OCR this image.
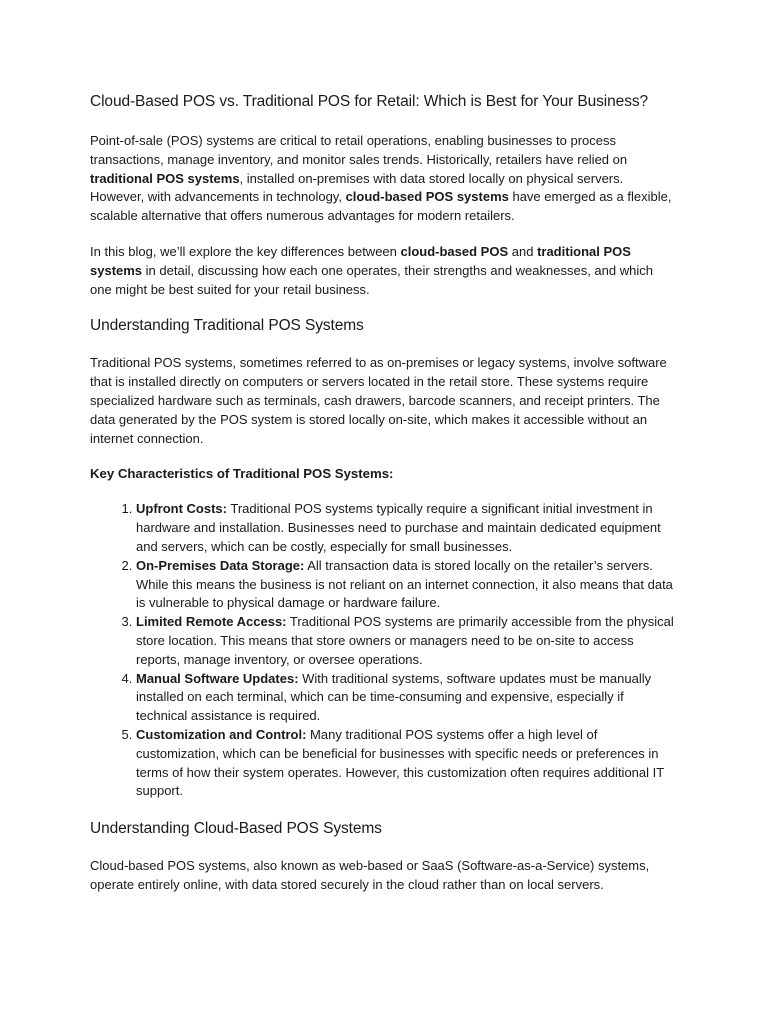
Cloud-Based POS vs. Traditional POS for Retail: Which is Best for Your Business?

Point-of-sale (POS) systems are critical to retail operations, enabling businesses to process transactions, manage inventory, and monitor sales trends. Historically, retailers have relied on traditional POS systems, installed on-premises with data stored locally on physical servers. However, with advancements in technology, cloud-based POS systems have emerged as a flexible, scalable alternative that offers numerous advantages for modern retailers.

In this blog, we’ll explore the key differences between cloud-based POS and traditional POS systems in detail, discussing how each one operates, their strengths and weaknesses, and which one might be best suited for your retail business.

Understanding Traditional POS Systems

Traditional POS systems, sometimes referred to as on-premises or legacy systems, involve software that is installed directly on computers or servers located in the retail store. These systems require specialized hardware such as terminals, cash drawers, barcode scanners, and receipt printers. The data generated by the POS system is stored locally on-site, which makes it accessible without an internet connection.

Key Characteristics of Traditional POS Systems:
1. Upfront Costs: Traditional POS systems typically require a significant initial investment in hardware and installation. Businesses need to purchase and maintain dedicated equipment and servers, which can be costly, especially for small businesses.
2. On-Premises Data Storage: All transaction data is stored locally on the retailer’s servers. While this means the business is not reliant on an internet connection, it also means that data is vulnerable to physical damage or hardware failure.
3. Limited Remote Access: Traditional POS systems are primarily accessible from the physical store location. This means that store owners or managers need to be on-site to access reports, manage inventory, or oversee operations.
4. Manual Software Updates: With traditional systems, software updates must be manually installed on each terminal, which can be time-consuming and expensive, especially if technical assistance is required.
5. Customization and Control: Many traditional POS systems offer a high level of customization, which can be beneficial for businesses with specific needs or preferences in terms of how their system operates. However, this customization often requires additional IT support.
Understanding Cloud-Based POS Systems

Cloud-based POS systems, also known as web-based or SaaS (Software-as-a-Service) systems, operate entirely online, with data stored securely in the cloud rather than on local servers.
